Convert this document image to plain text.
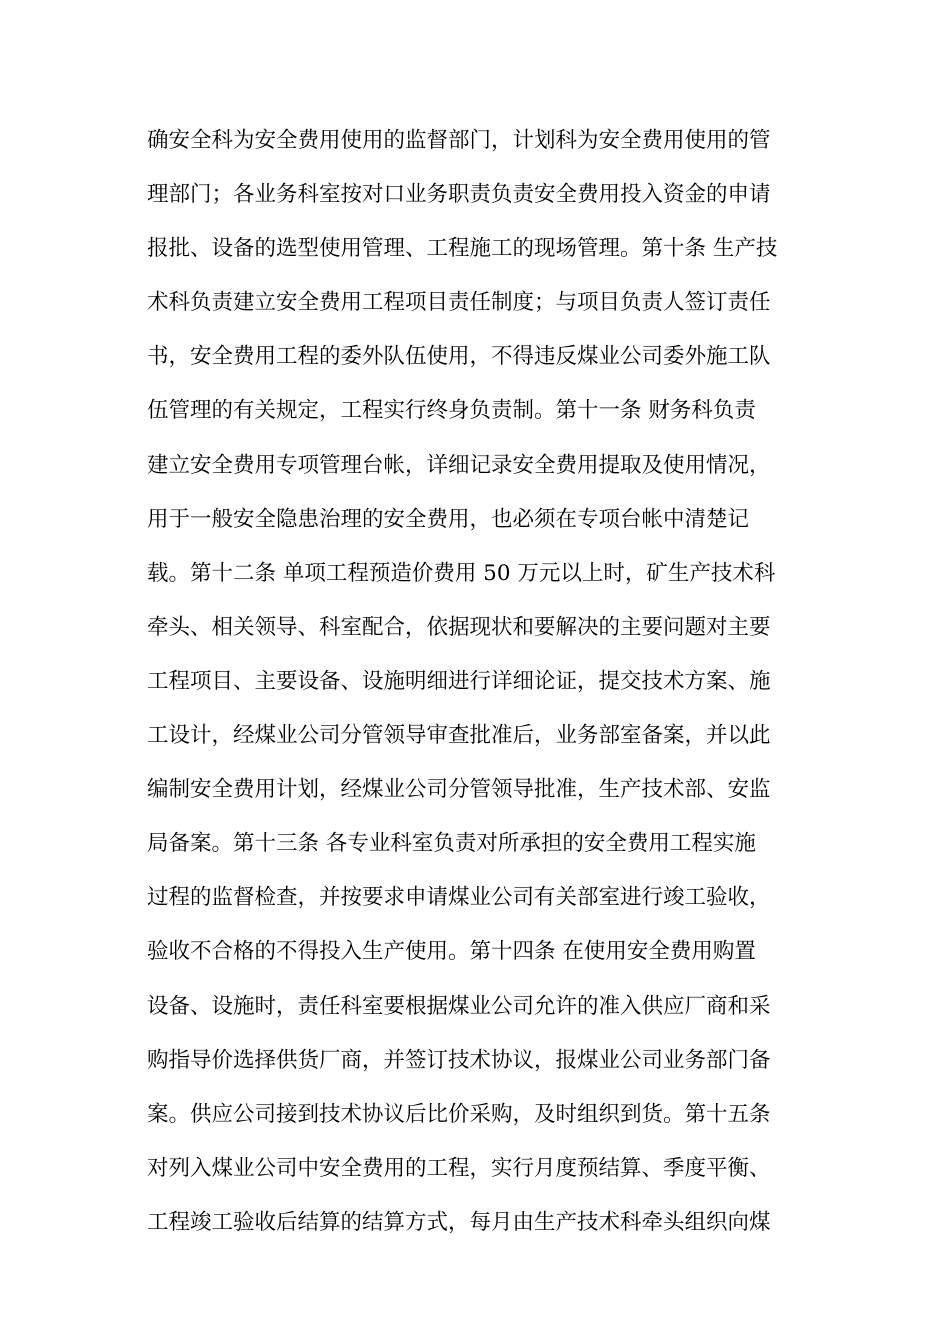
确安全科为安全费用使用的监督部门，计划科为安全费用使用的管
理部门；各业务科室按对口业务职责负责安全费用投入资金的申请
报批、设备的选型使用管理、工程施工的现场管理。第十条 生产技
术科负责建立安全费用工程项目责任制度；与项目负责人签订责任
书，安全费用工程的委外队伍使用，不得违反煤业公司委外施工队
伍管理的有关规定，工程实行终身负责制。第十一条 财务科负责
建立安全费用专项管理台帐，详细记录安全费用提取及使用情况，
用于一般安全隐患治理的安全费用，也必须在专项台帐中清楚记
载。第十二条 单项工程预造价费用 50 万元以上时，矿生产技术科
牵头、相关领导、科室配合，依据现状和要解决的主要问题对主要
工程项目、主要设备、设施明细进行详细论证，提交技术方案、施
工设计，经煤业公司分管领导审查批准后，业务部室备案，并以此
编制安全费用计划，经煤业公司分管领导批准，生产技术部、安监
局备案。第十三条 各专业科室负责对所承担的安全费用工程实施
过程的监督检查，并按要求申请煤业公司有关部室进行竣工验收，
验收不合格的不得投入生产使用。第十四条 在使用安全费用购置
设备、设施时，责任科室要根据煤业公司允许的准入供应厂商和采
购指导价选择供货厂商，并签订技术协议，报煤业公司业务部门备
案。供应公司接到技术协议后比价采购，及时组织到货。第十五条
对列入煤业公司中安全费用的工程，实行月度预结算、季度平衡、
工程竣工验收后结算的结算方式，每月由生产技术科牵头组织向煤
